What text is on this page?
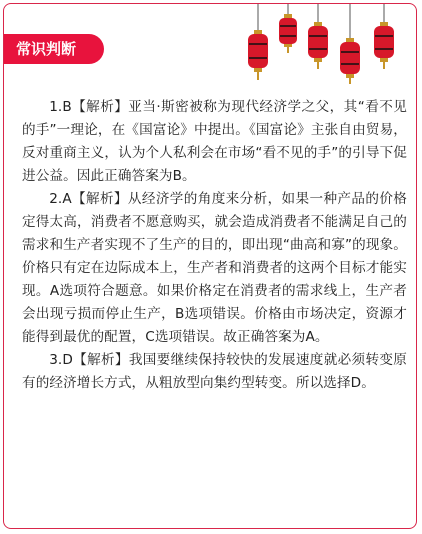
常识判断

1.B【解析】亚当·斯密被称为现代经济学之父，其“看不见的手”一理论，在《国富论》中提出。《国富论》主张自由贸易，反对重商主义，认为个人私利会在市场“看不见的手”的引导下促进公益。因此正确答案为B。

2.A【解析】从经济学的角度来分析，如果一种产品的价格定得太高，消费者不愿意购买，就会造成消费者不能满足自己的需求和生产者实现不了生产的目的，即出现“曲高和寡”的现象。价格只有定在边际成本上，生产者和消费者的这两个目标才能实现。A选项符合题意。如果价格定在消费者的需求线上，生产者会出现亏损而停止生产，B选项错误。价格由市场决定，资源才能得到最优的配置，C选项错误。故正确答案为A。

3.D【解析】我国要继续保持较快的发展速度就必须转变原有的经济增长方式，从粗放型向集约型转变。所以选择D。
